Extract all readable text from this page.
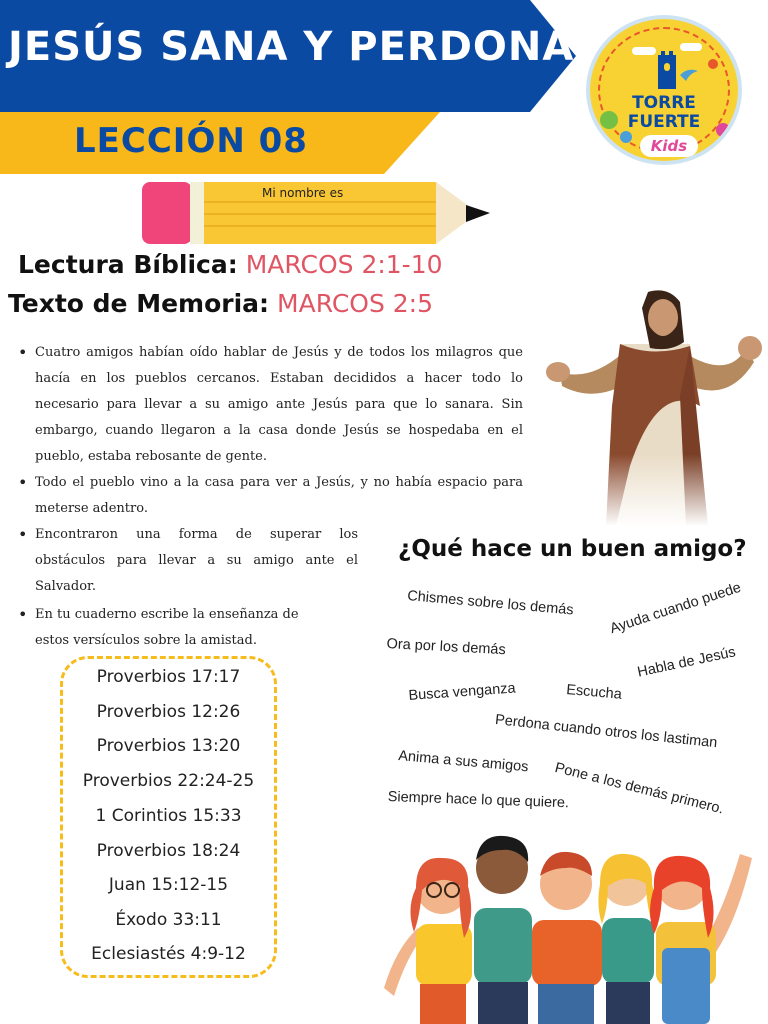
JESÚS SANA Y PERDONA
LECCIÓN 08
TORRE
FUERTE
Kids
Mi nombre es
Lectura Bíblica: MARCOS 2:1-10
Texto de Memoria: MARCOS 2:5
• Cuatro amigos habían oído hablar de Jesús y de todos los milagros que hacía en los pueblos cercanos. Estaban decididos a hacer todo lo necesario para llevar a su amigo ante Jesús para que lo sanara. Sin embargo, cuando llegaron a la casa donde Jesús se hospedaba en el pueblo, estaba rebosante de gente.
• Todo el pueblo vino a la casa para ver a Jesús, y no había espacio para meterse adentro.
• Encontraron una forma de superar los obstáculos para llevar a su amigo ante el Salvador.
• En tu cuaderno escribe la enseñanza de estos versículos sobre la amistad.
Proverbios 17:17
Proverbios 12:26
Proverbios 13:20
Proverbios 22:24-25
1 Corintios 15:33
Proverbios 18:24
Juan 15:12-15
Éxodo 33:11
Eclesiastés 4:9-12
¿Qué hace un buen amigo?
Chismes sobre los demás Ayuda cuando puede
Ora por los demás	Habla de Jesús
Busca venganza	Escucha
Perdona cuando otros los lastiman
Anima a sus amigos Pone a los demás primero.
Siempre hace lo que quiere.
